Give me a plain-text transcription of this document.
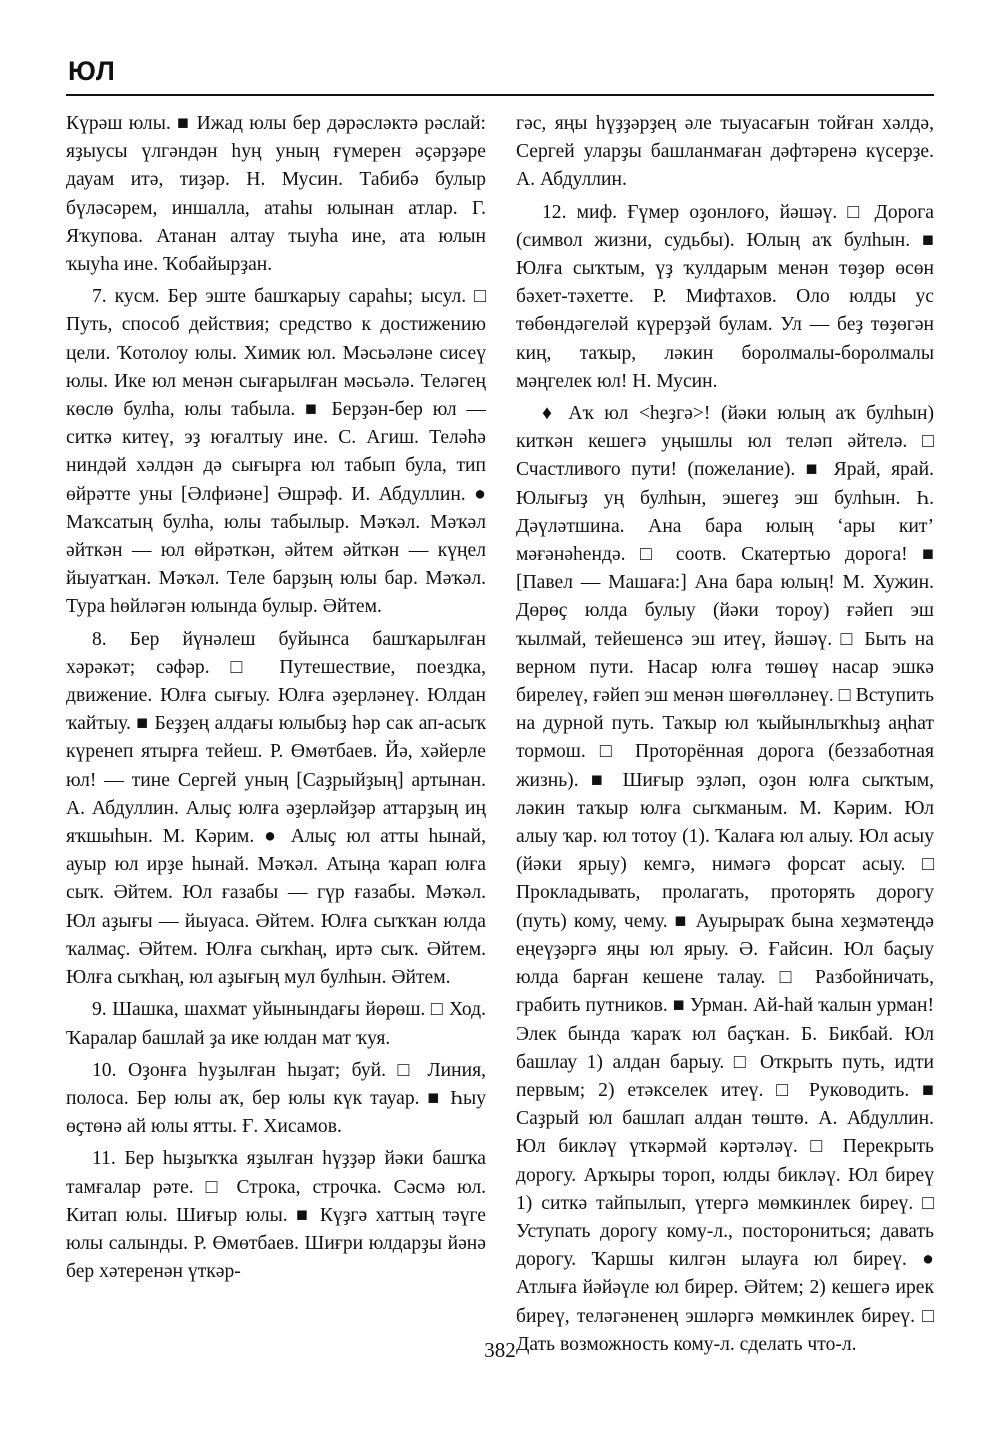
ЮЛ

Күрәш юлы. ■ Ижад юлы бер дәрәсләктә рәслай: яҙыусы үлгәндән һуң уның ғүмерен әҫәрҙәре дауам итә, тиҙәр. Н. Мусин. Табибә булыр бүләсәрем, иншалла, атаһы юлынан атлар. Г. Яҡупова. Атанан алтау тыуһа ине, ата юлын ҡыуһа ине. Ҡобайырҙан.

7. кусм. Бер эште башҡарыу сараһы; ысул. □ Путь, способ действия; средство к достижению цели. Ҡотолоу юлы. Химик юл. Мәсьәләне сисеү юлы. Ике юл менән сығарылған мәсьәлә. Теләгең көслө булһа, юлы табыла. ■ Берҙән-бер юл — ситкә китеү, эҙ юғалтыу ине. С. Агиш. Теләһә ниндәй хәлдән дә сығырға юл табып була, тип өйрәтте уны [Әлфиәне] Әшрәф. И. Абдуллин. ● Маҡсатың булһа, юлы табылыр. Мәҡәл. Мәҡәл әйткән — юл өйрәткән, әйтем әйткән — күңел йыуатҡан. Мәҡәл. Теле барҙың юлы бар. Мәҡәл. Тура һөйләгән юлында булыр. Әйтем.

8. Бер йүнәлеш буйынса башҡарылған хәрәкәт; сәфәр. □ Путешествие, поездка, движение. Юлға сығыу. Юлға әҙерләнеү. Юлдан ҡайтыу. ■ Беҙҙең алдағы юлыбыҙ һәр сак ап-асыҡ күренеп ятырға тейеш. Р. Өмөтбаев. Йә, хәйерле юл! — тине Сергей уның [Саҙрыйҙың] артынан. А. Абдуллин. Алыҫ юлға әҙерләйҙәр аттарҙың иң яҡшыһын. М. Кәрим. ● Алыҫ юл атты һынай, ауыр юл ирҙе һынай. Мәҡәл. Атыңа ҡарап юлға сыҡ. Әйтем. Юл ғазабы — гүр ғазабы. Мәҡәл. Юл аҙығы — йыуаса. Әйтем. Юлға сыҡҡан юлда ҡалмаҫ. Әйтем. Юлға сыҡһаң, иртә сыҡ. Әйтем. Юлға сыҡһаң, юл аҙығың мул булһын. Әйтем.

9. Шашка, шахмат уйынындағы йөрөш. □ Ход. Ҡаралар башлай ҙа ике юлдан мат ҡуя.

10. Оҙонға һуҙылған һыҙат; буй. □ Линия, полоса. Бер юлы аҡ, бер юлы күк тауар. ■ Һыу өҫтөнә ай юлы ятты. Ғ. Хисамов.

11. Бер һыҙыҡҡа яҙылған һүҙҙәр йәки башҡа тамғалар рәте. □ Строка, строчка. Сәсмә юл. Китап юлы. Шиғыр юлы. ■ Күҙгә хаттың тәүге юлы салынды. Р. Өмөтбаев. Шиғри юлдарҙы йәнә бер хәтеренән үткәр-

гәс, яңы һүҙҙәрҙең әле тыуасағын тойған хәлдә, Сергей уларҙы башланмаған дәфтәренә күсерҙе. А. Абдуллин.

12. миф. Ғүмер оҙонлоғо, йәшәү. □ Дорога (символ жизни, судьбы). Юлың аҡ булһын. ■ Юлға сыҡтым, үҙ ҡулдарым менән төҙөр өсөн бәхет-тәхетте. Р. Мифтахов. Оло юлды ус төбөндәгеләй күрерҙәй булам. Ул — беҙ төҙөгән киң, таҡыр, ләкин боролмалы-боролмалы мәңгелек юл! Н. Мусин.

♦ Аҡ юл <һеҙгә>! (йәки юлың аҡ булһын) киткән кешегә уңышлы юл теләп әйтелә. □ Счастливого пути! (пожелание). ■ Ярай, ярай. Юлығыҙ уң булһын, эшегеҙ эш булһын. Һ. Дәүләтшина. Ана бара юлың ‘ары кит’ мәғәнәһендә. □ соотв. Скатертью дорога! ■ [Павел — Машаға:] Ана бара юлың! М. Хужин. Дөрөҫ юлда булыу (йәки тороу) ғәйеп эш ҡылмай, тейешенсә эш итеү, йәшәү. □ Быть на верном пути. Насар юлға төшөү насар эшкә бирелеү, ғәйеп эш менән шөғөлләнеү. □ Вступить на дурной путь. Таҡыр юл ҡыйынлыҡһыҙ аңһат тормош. □ Проторённая дорога (беззаботная жизнь). ■ Шиғыр эҙләп, оҙон юлға сыҡтым, ләкин таҡыр юлға сыҡманым. М. Кәрим. Юл алыу ҡар. юл тотоу (1). Ҡалаға юл алыу. Юл асыу (йәки ярыу) кемгә, нимәгә форсат асыу. □ Прокладывать, пролагать, проторять дорогу (путь) кому, чему. ■ Ауырыраҡ бына хеҙмәтеңдә еңеүҙәргә яңы юл ярыу. Ә. Ғайсин. Юл баҫыу юлда барған кешене талау. □ Разбойничать, грабить путников. ■ Урман. Ай-һай ҡалын урман! Элек бында ҡараҡ юл баҫҡан. Б. Бикбай. Юл башлау 1) алдан барыу. □ Открыть путь, идти первым; 2) етәкселек итеү. □ Руководить. ■ Саҙрый юл башлап алдан төштө. А. Абдуллин. Юл бикләү үткәрмәй кәртәләү. □ Перекрыть дорогу. Арҡыры тороп, юлды бикләү. Юл биреү 1) ситкә тайпылып, үтергә мөмкинлек биреү. □ Уступать дорогу кому-л., посторониться; давать дорогу. Ҡаршы килгән ылауға юл биреү. ● Атлыға йәйәүле юл бирер. Әйтем; 2) кешегә ирек биреү, теләгәненең эшләргә мөмкинлек биреү. □ Дать возможность кому-л. сделать что-л.

382
